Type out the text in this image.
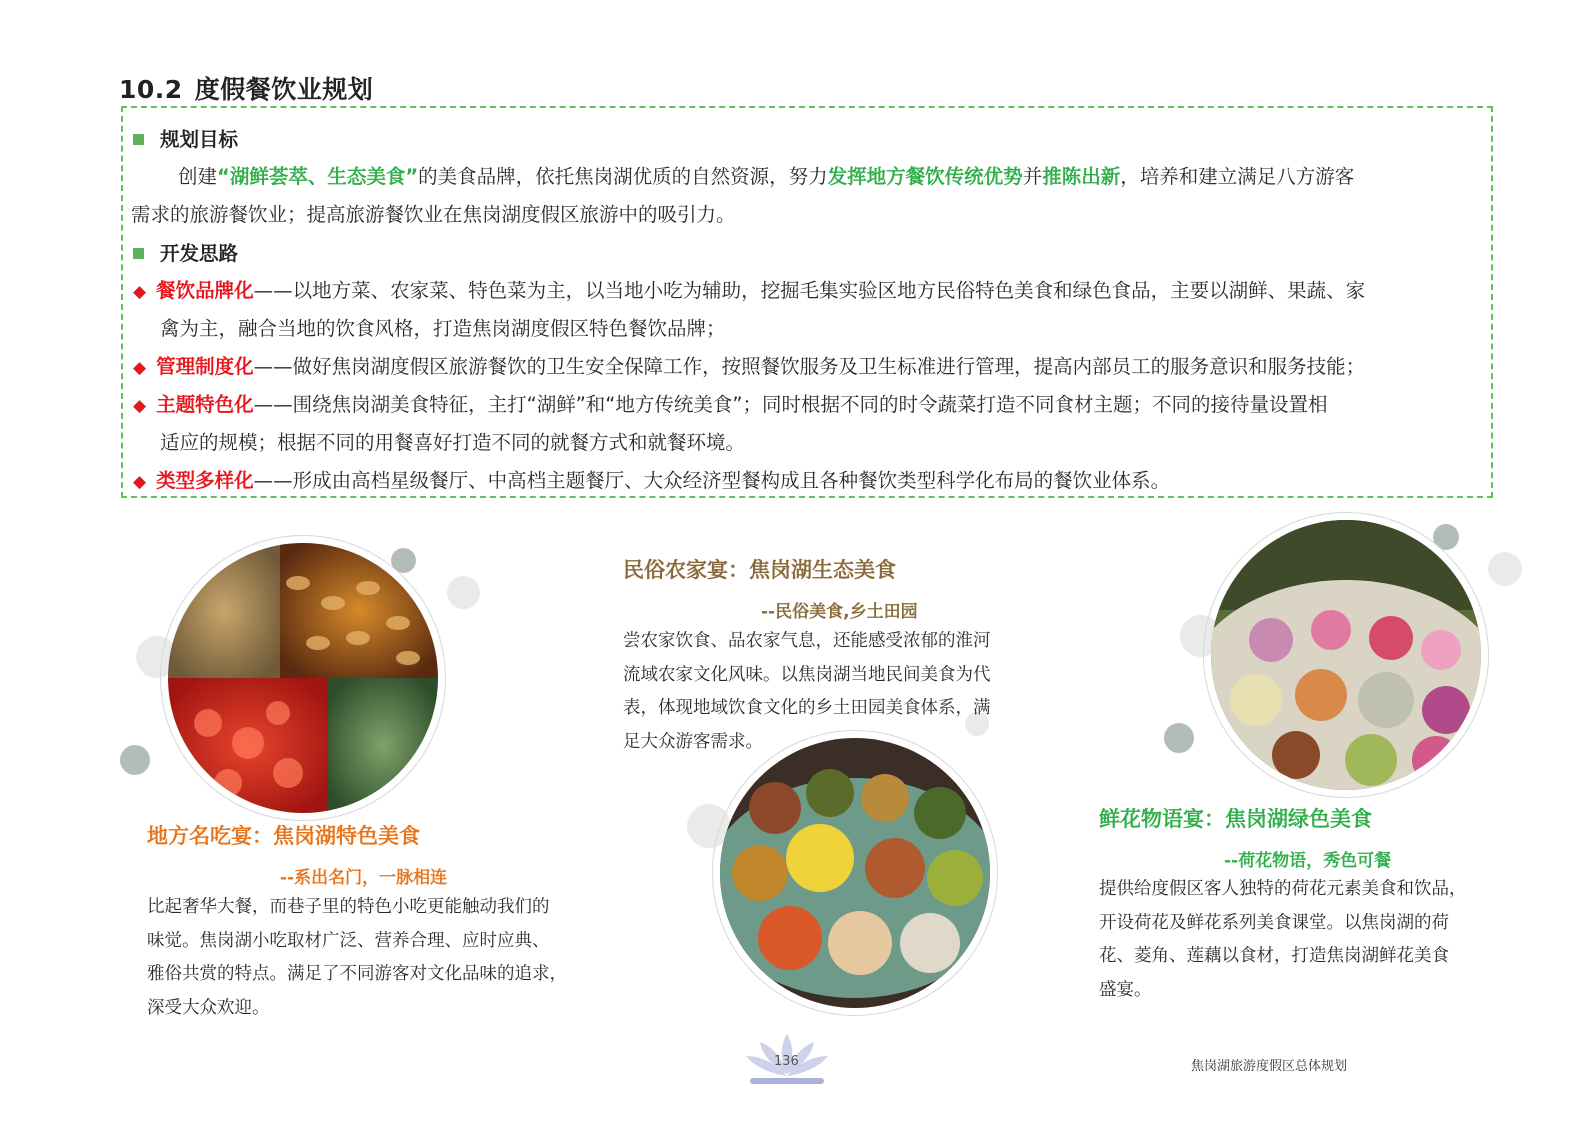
10.2 度假餐饮业规划
规划目标
创建“湖鲜荟萃、生态美食”的美食品牌，依托焦岗湖优质的自然资源，努力发挥地方餐饮传统优势并推陈出新，培养和建立满足八方游客
需求的旅游餐饮业；提高旅游餐饮业在焦岗湖度假区旅游中的吸引力。
开发思路
◆ 餐饮品牌化——以地方菜、农家菜、特色菜为主，以当地小吃为辅助，挖掘毛集实验区地方民俗特色美食和绿色食品，主要以湖鲜、果蔬、家
禽为主，融合当地的饮食风格，打造焦岗湖度假区特色餐饮品牌；
◆ 管理制度化——做好焦岗湖度假区旅游餐饮的卫生安全保障工作，按照餐饮服务及卫生标准进行管理，提高内部员工的服务意识和服务技能；
◆ 主题特色化——围绕焦岗湖美食特征，主打“湖鲜”和“地方传统美食”；同时根据不同的时令蔬菜打造不同食材主题；不同的接待量设置相
适应的规模；根据不同的用餐喜好打造不同的就餐方式和就餐环境。
◆ 类型多样化——形成由高档星级餐厅、中高档主题餐厅、大众经济型餐构成且各种餐饮类型科学化布局的餐饮业体系。
地方名吃宴：焦岗湖特色美食
--系出名门，一脉相连
比起奢华大餐，而巷子里的特色小吃更能触动我们的
味觉。焦岗湖小吃取材广泛、营养合理、应时应典、
雅俗共赏的特点。满足了不同游客对文化品味的追求，
深受大众欢迎。
民俗农家宴：焦岗湖生态美食
--民俗美食,乡土田园
尝农家饮食、品农家气息，还能感受浓郁的淮河
流域农家文化风味。以焦岗湖当地民间美食为代
表，体现地域饮食文化的乡土田园美食体系，满
足大众游客需求。
鲜花物语宴：焦岗湖绿色美食
--荷花物语，秀色可餐
提供给度假区客人独特的荷花元素美食和饮品，
开设荷花及鲜花系列美食课堂。以焦岗湖的荷
花、菱角、莲藕以食材，打造焦岗湖鲜花美食
盛宴。
136	焦岗湖旅游度假区总体规划
